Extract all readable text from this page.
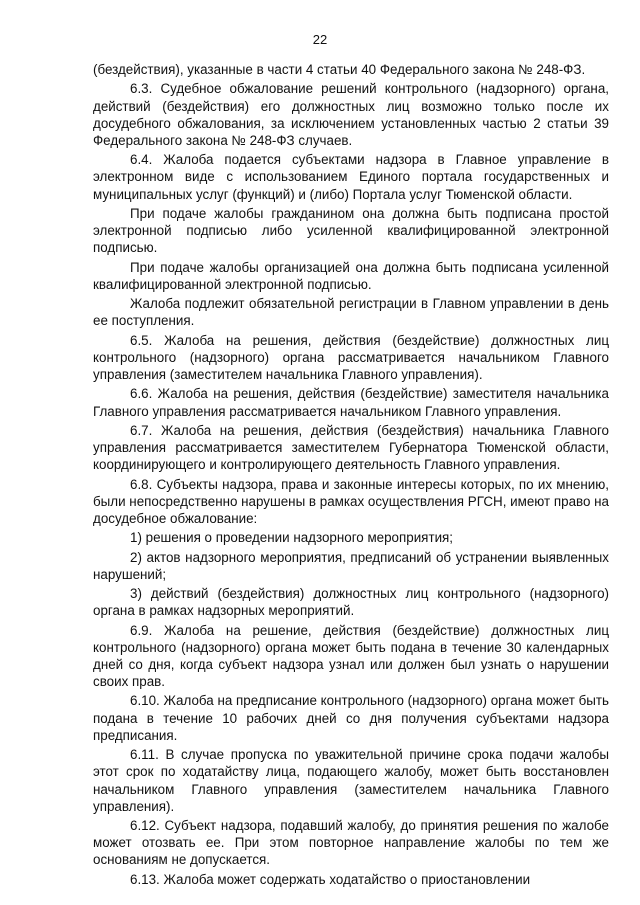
22

(бездействия), указанные в части 4 статьи 40 Федерального закона № 248-ФЗ.

6.3. Судебное обжалование решений контрольного (надзорного) органа, действий (бездействия) его должностных лиц возможно только после их досудебного обжалования, за исключением установленных частью 2 статьи 39 Федерального закона № 248-ФЗ случаев.

6.4. Жалоба подается субъектами надзора в Главное управление в электронном виде с использованием Единого портала государственных и муниципальных услуг (функций) и (либо) Портала услуг Тюменской области.

При подаче жалобы гражданином она должна быть подписана простой электронной подписью либо усиленной квалифицированной электронной подписью.

При подаче жалобы организацией она должна быть подписана усиленной квалифицированной электронной подписью.

Жалоба подлежит обязательной регистрации в Главном управлении в день ее поступления.

6.5. Жалоба на решения, действия (бездействие) должностных лиц контрольного (надзорного) органа рассматривается начальником Главного управления (заместителем начальника Главного управления).

6.6. Жалоба на решения, действия (бездействие) заместителя начальника Главного управления рассматривается начальником Главного управления.

6.7. Жалоба на решения, действия (бездействия) начальника Главного управления рассматривается заместителем Губернатора Тюменской области, координирующего и контролирующего деятельность Главного управления.

6.8. Субъекты надзора, права и законные интересы которых, по их мнению, были непосредственно нарушены в рамках осуществления РГСН, имеют право на досудебное обжалование:

1) решения о проведении надзорного мероприятия;

2) актов надзорного мероприятия, предписаний об устранении выявленных нарушений;

3) действий (бездействия) должностных лиц контрольного (надзорного) органа в рамках надзорных мероприятий.

6.9. Жалоба на решение, действия (бездействие) должностных лиц контрольного (надзорного) органа может быть подана в течение 30 календарных дней со дня, когда субъект надзора узнал или должен был узнать о нарушении своих прав.

6.10. Жалоба на предписание контрольного (надзорного) органа может быть подана в течение 10 рабочих дней со дня получения субъектами надзора предписания.

6.11. В случае пропуска по уважительной причине срока подачи жалобы этот срок по ходатайству лица, подающего жалобу, может быть восстановлен начальником Главного управления (заместителем начальника Главного управления).

6.12. Субъект надзора, подавший жалобу, до принятия решения по жалобе может отозвать ее. При этом повторное направление жалобы по тем же основаниям не допускается.

6.13. Жалоба может содержать ходатайство о приостановлении
